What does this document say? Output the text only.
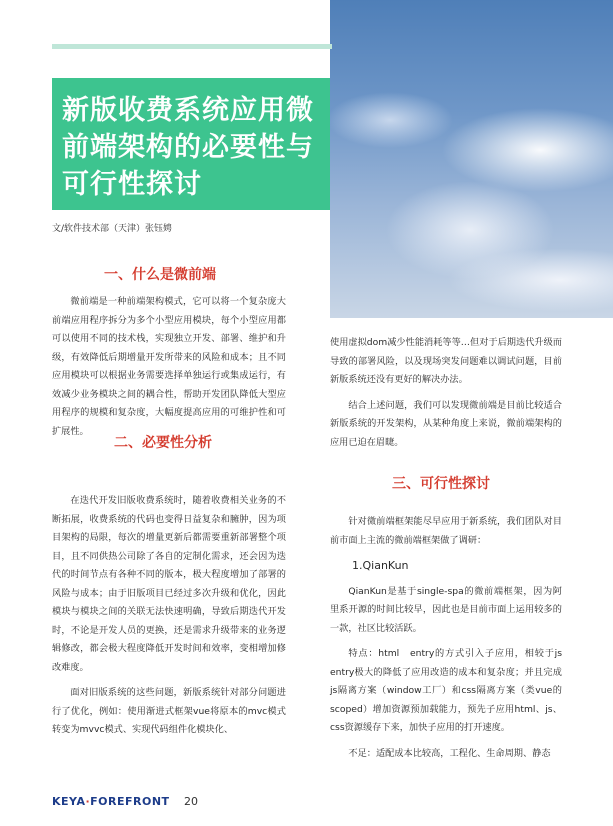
新版收费系统应用微前端架构的必要性与可行性探讨
文/软件技术部（天津）张钰娉
一、什么是微前端

微前端是一种前端架构模式，它可以将一个复杂庞大前端应用程序拆分为多个小型应用模块，每个小型应用都可以使用不同的技术栈，实现独立开发、部署、维护和升级，有效降低后期增量开发所带来的风险和成本；且不同应用模块可以根据业务需要选择单独运行或集成运行，有效减少业务模块之间的耦合性，帮助开发团队降低大型应用程序的规模和复杂度，大幅度提高应用的可维护性和可扩展性。

二、必要性分析

在迭代开发旧版收费系统时，随着收费相关业务的不断拓展，收费系统的代码也变得日益复杂和臃肿，因为项目架构的局限，每次的增量更新后都需要重新部署整个项目，且不同供热公司除了各自的定制化需求，还会因为迭代的时间节点有各种不同的版本，极大程度增加了部署的风险与成本；由于旧版项目已经过多次升级和优化，因此模块与模块之间的关联无法快速明确，导致后期迭代开发时，不论是开发人员的更换，还是需求升级带来的业务逻辑修改，都会极大程度降低开发时间和效率，变相增加修改难度。

面对旧版系统的这些问题，新版系统针对部分问题进行了优化，例如：使用渐进式框架vue将原本的mvc模式转变为mvvc模式、实现代码组件化模块化、

使用虚拟dom减少性能消耗等等…但对于后期迭代升级而导致的部署风险，以及现场突发问题难以调试问题，目前新版系统还没有更好的解决办法。

结合上述问题，我们可以发现微前端是目前比较适合新版系统的开发架构，从某种角度上来说，微前端架构的应用已迫在眉睫。

三、可行性探讨

针对微前端框架能尽早应用于新系统，我们团队对目前市面上主流的微前端框架做了调研：

1.QianKun

QianKun是基于single-spa的微前端框架，因为阿里系开源的时间比较早，因此也是目前市面上运用较多的一款，社区比较活跃。

特点：html　entry的方式引入子应用，相较于js entry极大的降低了应用改造的成本和复杂度；并且完成js隔离方案（window工厂）和css隔离方案（类vue的scoped）增加资源预加载能力，预先子应用html、js、css资源缓存下来，加快子应用的打开速度。

不足：适配成本比较高，工程化、生命周期、静态

KEYA·FOREFRONT 20
